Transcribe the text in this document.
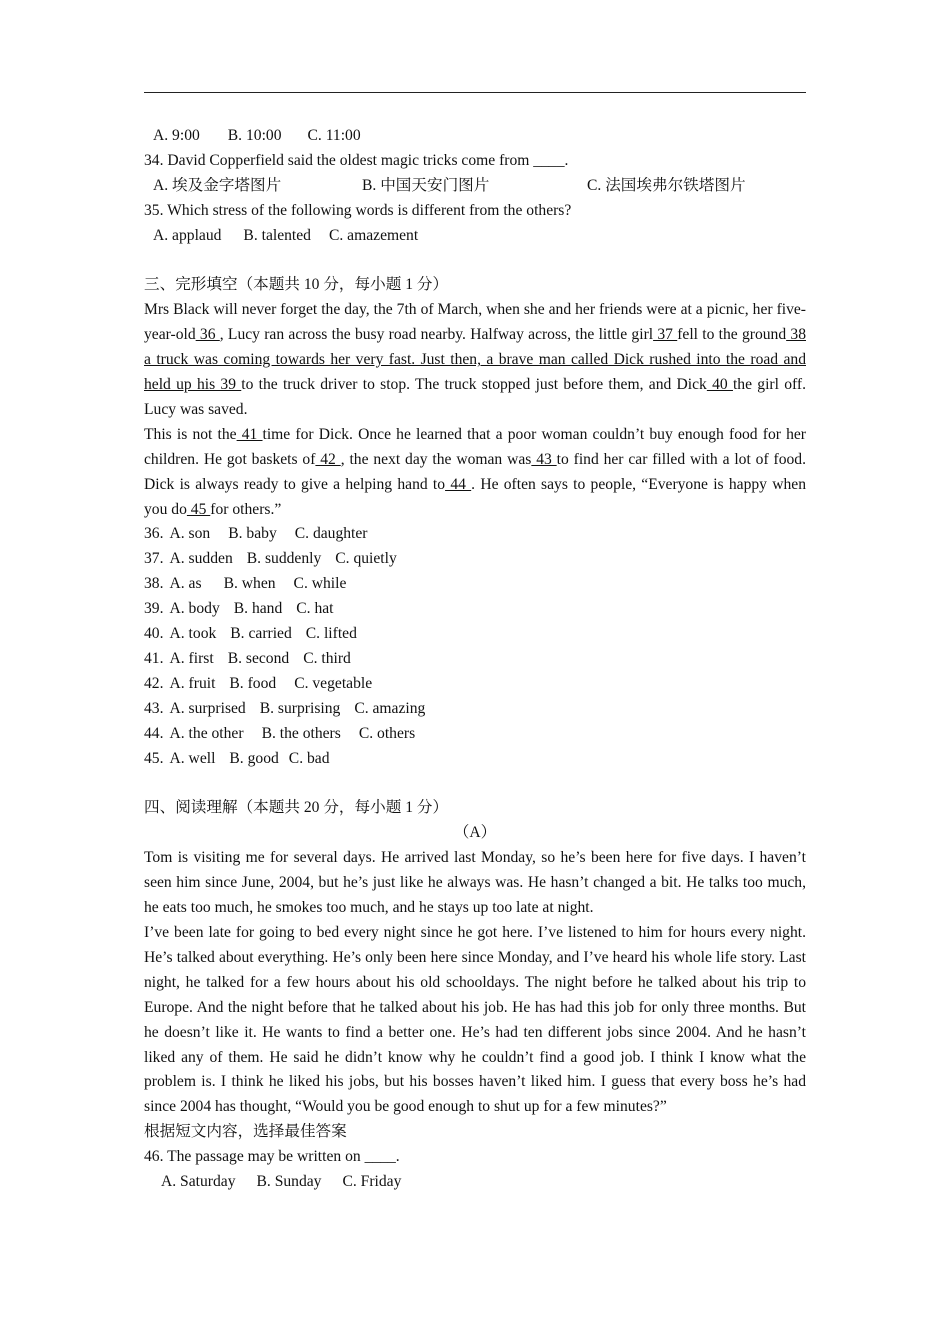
A. 9:00 B. 10:00 C. 11:00
34. David Copperfield said the oldest magic tricks come from ____.
A. 埃及金字塔图片	B. 中国天安门图片	C. 法国埃弗尔铁塔图片
35. Which stress of the following words is different from the others?
A. applaud B. talented C. amazement
三、完形填空（本题共 10 分，每小题 1 分）
Mrs Black will never forget the day, the 7th of March, when she and her friends were at a picnic, her five-year-old 36 , Lucy ran across the busy road nearby. Halfway across, the little girl 37 fell to the ground 38 a truck was coming towards her very fast. Just then, a brave man called Dick rushed into the road and held up his 39 to the truck driver to stop. The truck stopped just before them, and Dick 40 the girl off. Lucy was saved.
This is not the 41 time for Dick. Once he learned that a poor woman couldn’t buy enough food for her children. He got baskets of 42 , the next day the woman was 43 to find her car filled with a lot of food. Dick is always ready to give a helping hand to 44 . He often says to people, “Everyone is happy when you do 45 for others.”
36. A. son B. baby C. daughter
37. A. sudden B. suddenly C. quietly
38. A. as B. when C. while
39. A. body B. hand C. hat
40. A. took B. carried C. lifted
41. A. first B. second C. third
42. A. fruit B. food C. vegetable
43. A. surprised B. surprising C. amazing
44. A. the other B. the others C. others
45. A. well B. good C. bad
四、阅读理解（本题共 20 分，每小题 1 分）
（A）
Tom is visiting me for several days. He arrived last Monday, so he’s been here for five days. I haven’t seen him since June, 2004, but he’s just like he always was. He hasn’t changed a bit. He talks too much, he eats too much, he smokes too much, and he stays up too late at night.
I’ve been late for going to bed every night since he got here. I’ve listened to him for hours every night. He’s talked about everything. He’s only been here since Monday, and I’ve heard his whole life story. Last night, he talked for a few hours about his old schooldays. The night before he talked about his trip to Europe. And the night before that he talked about his job. He has had this job for only three months. But he doesn’t like it. He wants to find a better one. He’s had ten different jobs since 2004. And he hasn’t liked any of them. He said he didn’t know why he couldn’t find a good job. I think I know what the problem is. I think he liked his jobs, but his bosses haven’t liked him. I guess that every boss he’s had since 2004 has thought, “Would you be good enough to shut up for a few minutes?”
根据短文内容，选择最佳答案
46. The passage may be written on ____.
A. Saturday B. Sunday C. Friday
